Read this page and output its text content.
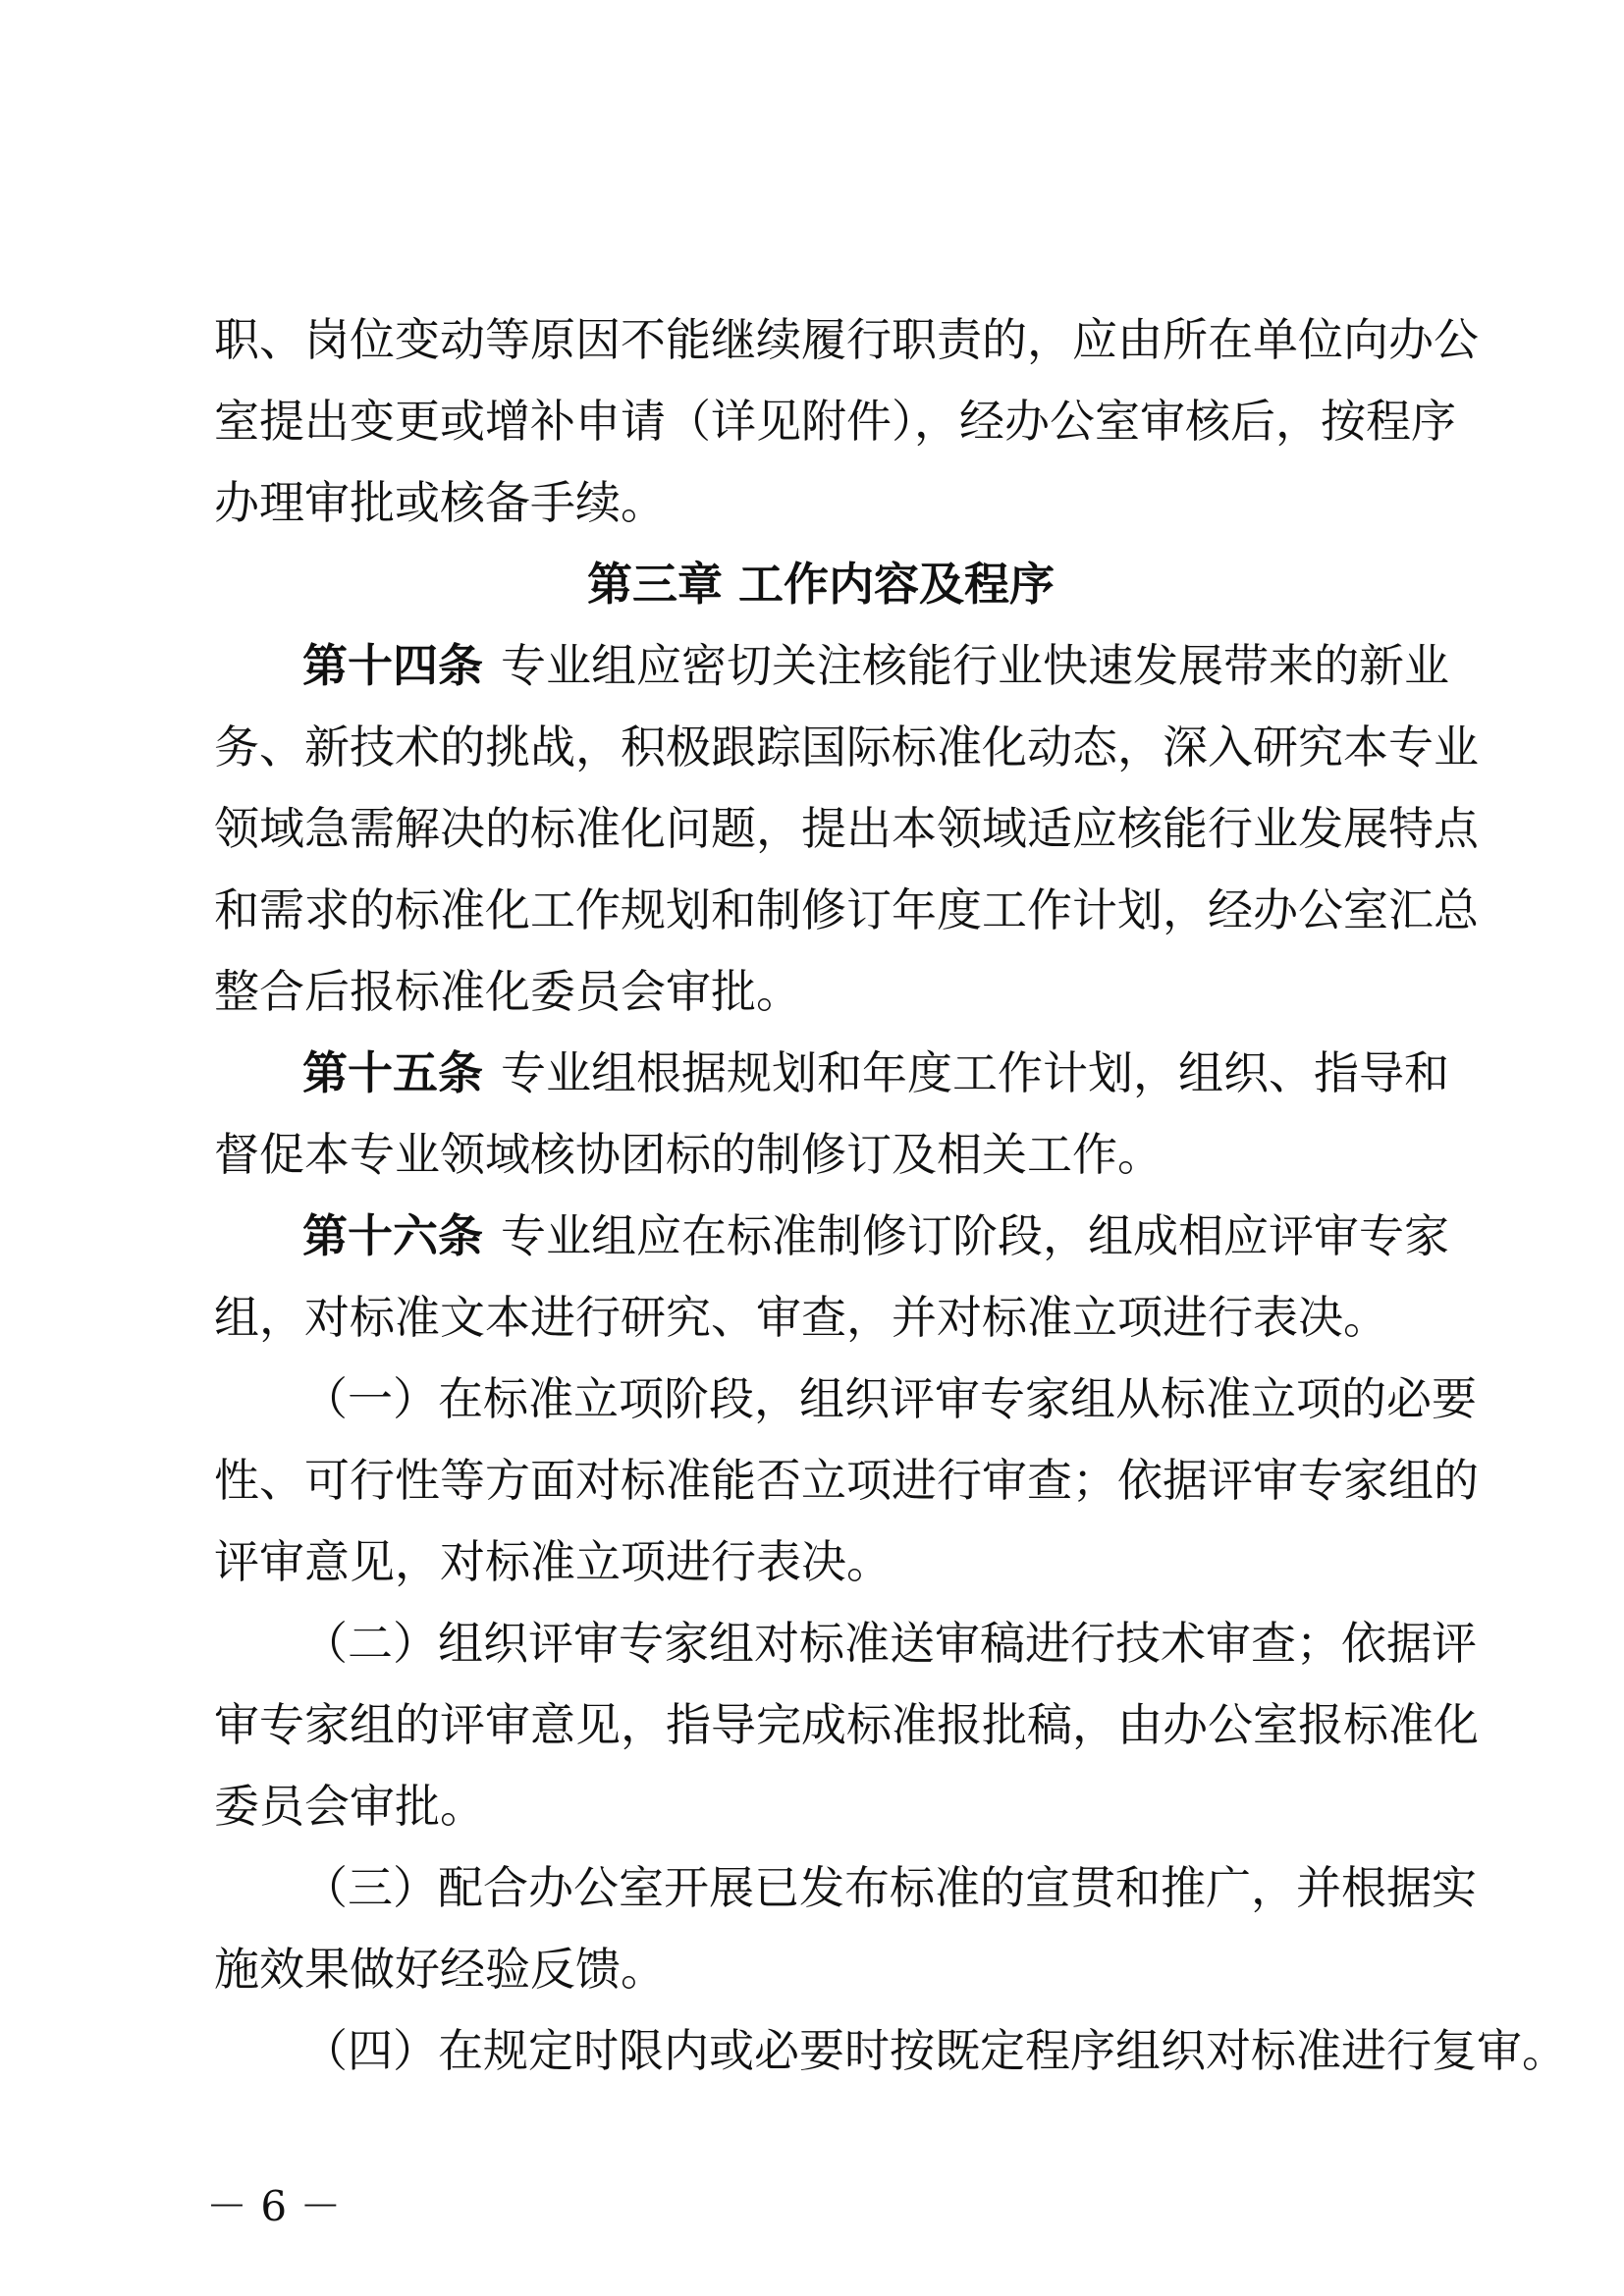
职、岗位变动等原因不能继续履行职责的，应由所在单位向办公
室提出变更或增补申请（详见附件），经办公室审核后，按程序
办理审批或核备手续。
第三章 工作内容及程序
第十四条 专业组应密切关注核能行业快速发展带来的新业
务、新技术的挑战，积极跟踪国际标准化动态，深入研究本专业
领域急需解决的标准化问题，提出本领域适应核能行业发展特点
和需求的标准化工作规划和制修订年度工作计划，经办公室汇总
整合后报标准化委员会审批。
第十五条 专业组根据规划和年度工作计划，组织、指导和
督促本专业领域核协团标的制修订及相关工作。
第十六条 专业组应在标准制修订阶段，组成相应评审专家
组，对标准文本进行研究、审查，并对标准立项进行表决。
（一）在标准立项阶段，组织评审专家组从标准立项的必要
性、可行性等方面对标准能否立项进行审查；依据评审专家组的
评审意见，对标准立项进行表决。
（二）组织评审专家组对标准送审稿进行技术审查；依据评
审专家组的评审意见，指导完成标准报批稿，由办公室报标准化
委员会审批。
（三）配合办公室开展已发布标准的宣贯和推广，并根据实
施效果做好经验反馈。
（四）在规定时限内或必要时按既定程序组织对标准进行复审。
－ 6 －
